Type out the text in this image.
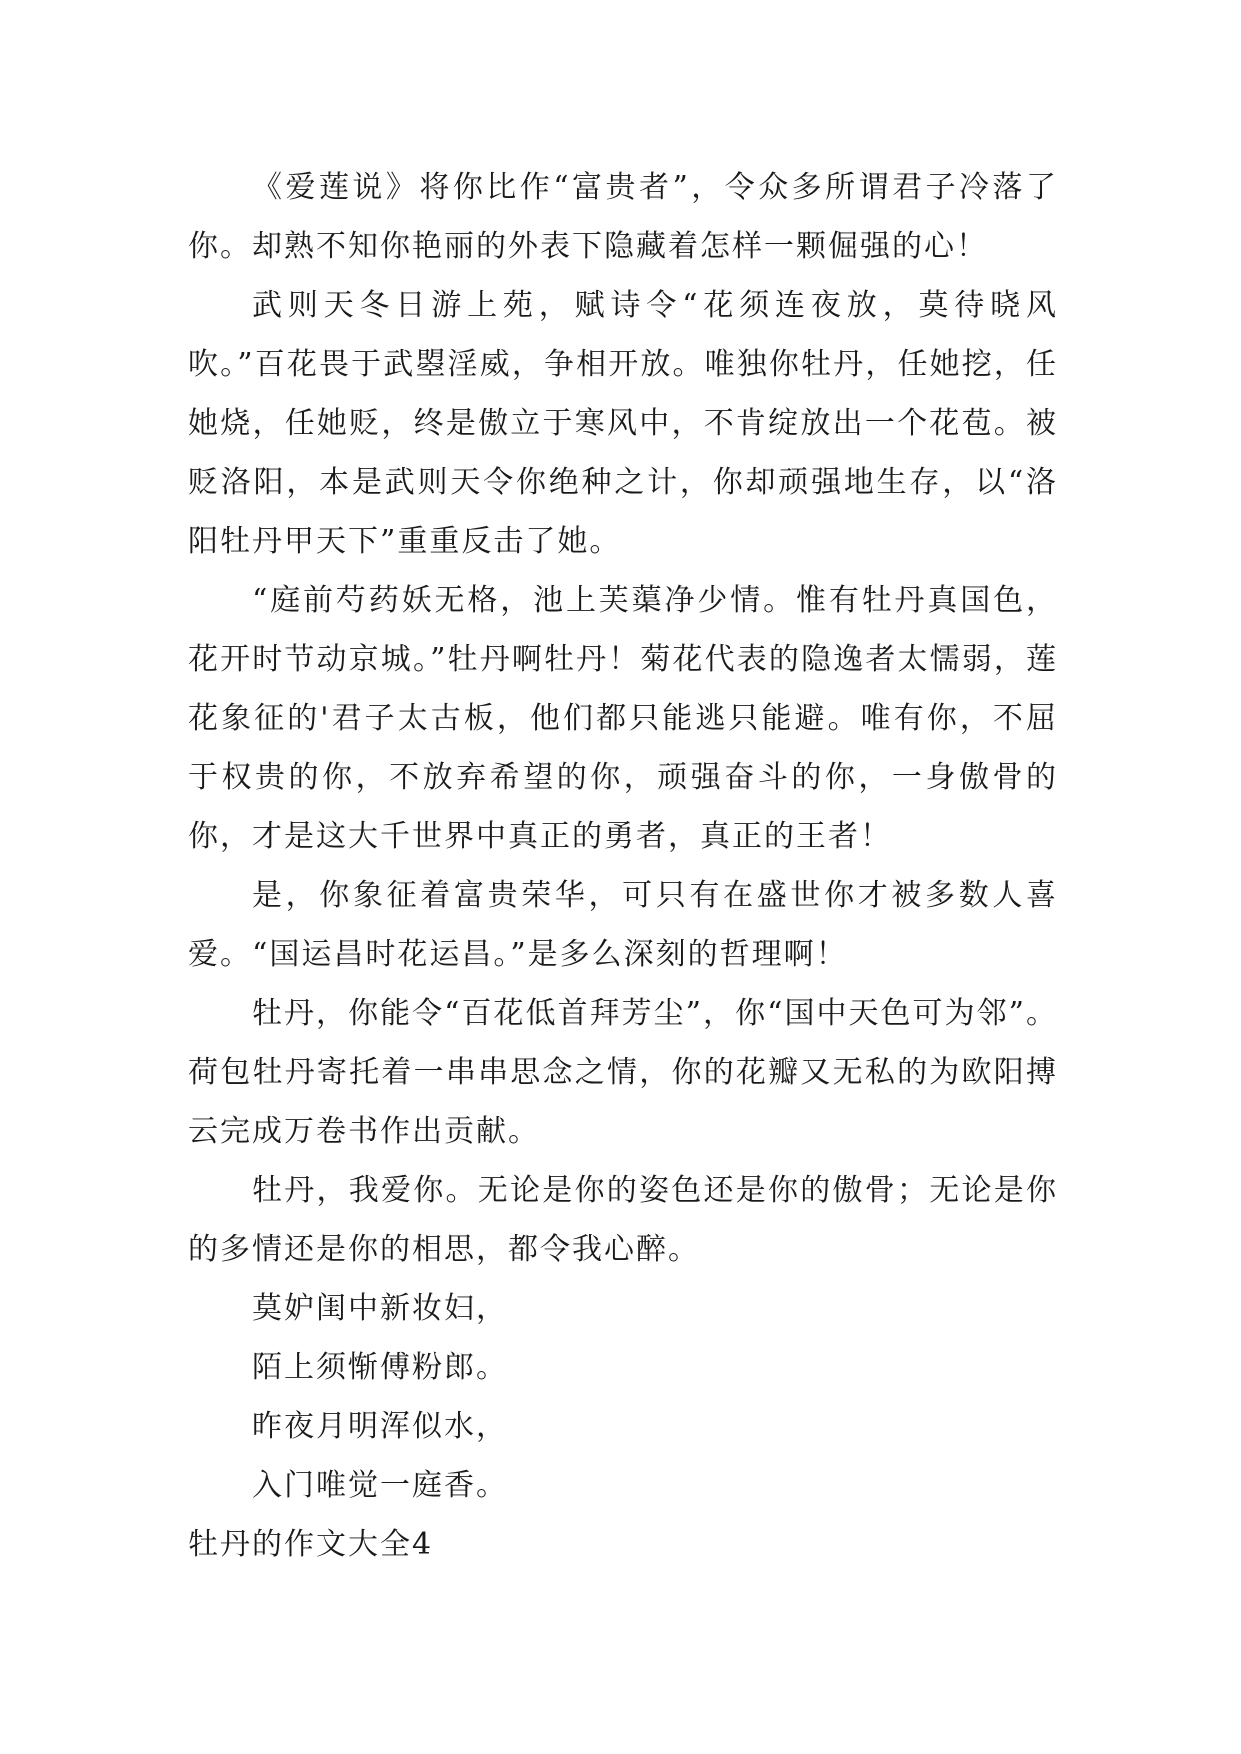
《爱莲说》将你比作“富贵者”，令众多所谓君子冷落了你。却熟不知你艳丽的外表下隐藏着怎样一颗倔强的心！

武则天冬日游上苑，赋诗令“花须连夜放，莫待晓风吹。”百花畏于武曌淫威，争相开放。唯独你牡丹，任她挖，任她烧，任她贬，终是傲立于寒风中，不肯绽放出一个花苞。被贬洛阳，本是武则天令你绝种之计，你却顽强地生存，以“洛阳牡丹甲天下”重重反击了她。

“庭前芍药妖无格，池上芙蕖净少情。惟有牡丹真国色，花开时节动京城。”牡丹啊牡丹！菊花代表的隐逸者太懦弱，莲花象征的'君子太古板，他们都只能逃只能避。唯有你，不屈于权贵的你，不放弃希望的你，顽强奋斗的你，一身傲骨的你，才是这大千世界中真正的勇者，真正的王者！

是，你象征着富贵荣华，可只有在盛世你才被多数人喜爱。“国运昌时花运昌。”是多么深刻的哲理啊！

牡丹，你能令“百花低首拜芳尘”，你“国中天色可为邻”。荷包牡丹寄托着一串串思念之情，你的花瓣又无私的为欧阳搏云完成万卷书作出贡献。

牡丹，我爱你。无论是你的姿色还是你的傲骨；无论是你的多情还是你的相思，都令我心醉。

莫妒闺中新妆妇，

陌上须惭傅粉郎。

昨夜月明浑似水，

入门唯觉一庭香。

牡丹的作文大全4
